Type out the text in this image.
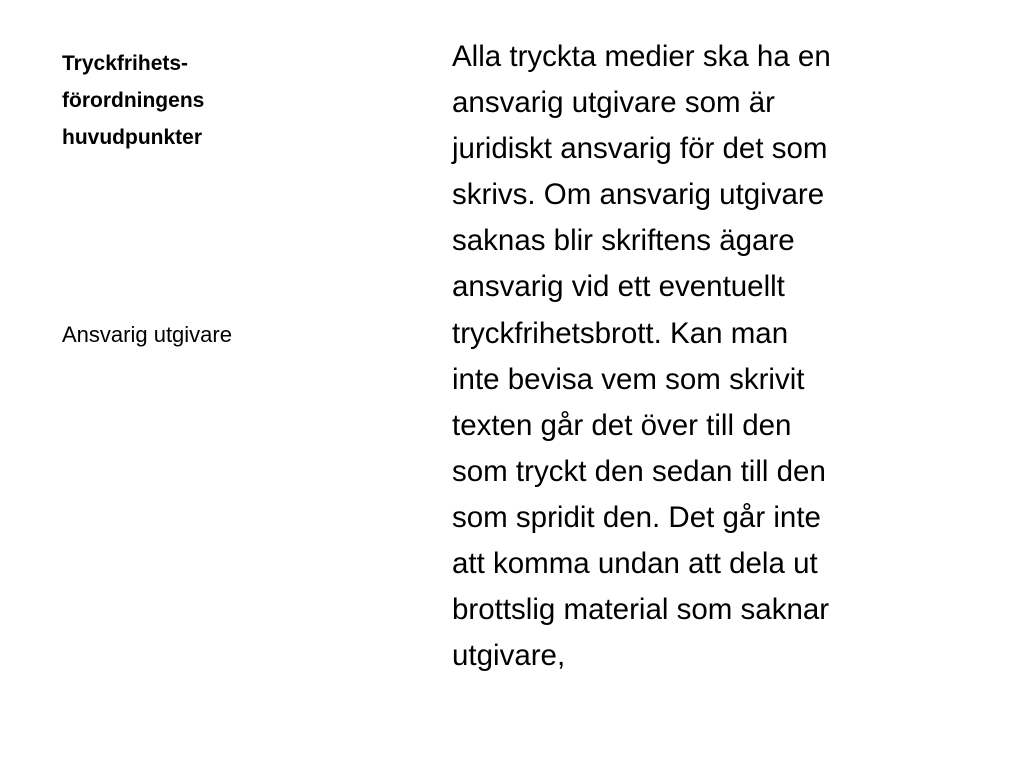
Tryckfrihets-
förordningens
huvudpunkter

Ansvarig utgivare

Alla tryckta medier ska ha en
ansvarig utgivare som är
juridiskt ansvarig för det som
skrivs. Om ansvarig utgivare
saknas blir skriftens ägare
ansvarig vid ett eventuellt
tryckfrihetsbrott. Kan man
inte bevisa vem som skrivit
texten går det över till den
som tryckt den sedan till den
som spridit den. Det går inte
att komma undan att dela ut
brottslig material som saknar
utgivare,
